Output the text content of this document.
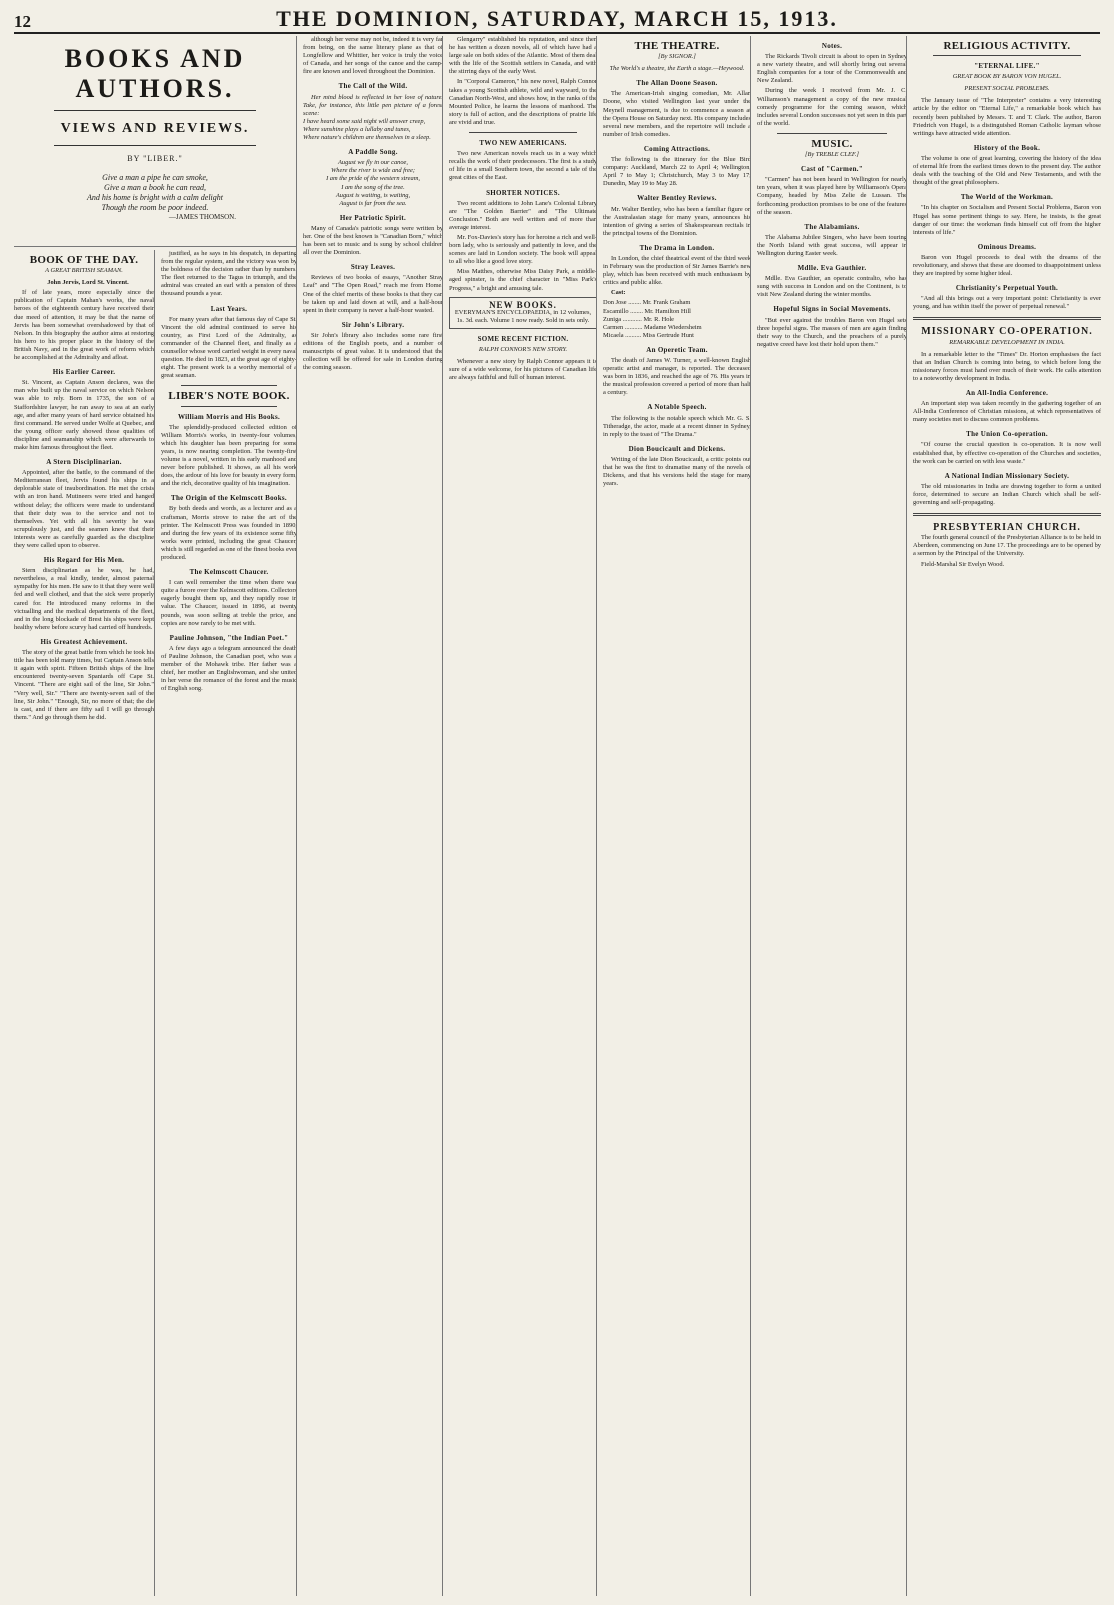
12	THE DOMINION, SATURDAY, MARCH 15, 1913.
BOOKS AND AUTHORS.
VIEWS AND REVIEWS.
BY "LIBER."
Give a man a pipe he can smoke,
Give a man a book he can read,
And his home is bright with a calm delight
Though the room be poor indeed.
—JAMES THOMSON.
BOOK OF THE DAY.
A GREAT BRITISH SEAMAN.

John Jervis, Lord St. Vincent.

If of late years, more especially since the publication of Captain Mahan's works, the naval heroes of the eighteenth century have received their due meed of attention, it may be that the name of Jervis has been somewhat overshadowed by that of Nelson. In this biography the author aims at restoring his hero to his proper place in the history of the British Navy, and in the great work of reform which he accomplished at the Admiralty and afloat.

His Earlier Career.

St. Vincent, as Captain Anson declares, was the man who built up the naval service on which Nelson was able to rely. Born in 1735, the son of a Staffordshire lawyer, he ran away to sea at an early age, and after many years of hard service obtained his first command. He served under Wolfe at Quebec, and the young officer early showed those qualities of discipline and seamanship which were afterwards to make him famous throughout the fleet.

A Stern Disciplinarian.

Appointed, after the battle, to the command of the Mediterranean fleet, Jervis found his ships in a deplorable state of insubordination. He met the crisis with an iron hand. Mutineers were tried and hanged without delay; the officers were made to understand that their duty was to the service and not to themselves. Yet with all his severity he was scrupulously just, and the seamen knew that their interests were as carefully guarded as the discipline they were called upon to observe.

His Regard for His Men.

Stern disciplinarian as he was, he had, nevertheless, a real kindly, tender, almost paternal sympathy for his men. He saw to it that they were well fed and well clothed, and that the sick were properly cared for. He introduced many reforms in the victualling and the medical departments of the fleet, and in the long blockade of Brest his ships were kept healthy where before scurvy had carried off hundreds.

His Greatest Achievement.

The story of the great battle from which he took his title has been told many times, but Captain Anson tells it again with spirit. Fifteen British ships of the line encountered twenty-seven Spaniards off Cape St. Vincent. "There are eight sail of the line, Sir John." "Very well, Sir." "There are twenty-seven sail of the line, Sir John." "Enough, Sir, no more of that; the die is cast, and if there are fifty sail I will go through them." And go through them he did.

justified, as he says in his despatch, in departing from the regular system, and the victory was won by the boldness of the decision rather than by numbers. The fleet returned to the Tagus in triumph, and the admiral was created an earl with a pension of three thousand pounds a year.

Last Years.

For many years after that famous day of Cape St. Vincent the old admiral continued to serve his country, as First Lord of the Admiralty, as commander of the Channel fleet, and finally as a counsellor whose word carried weight in every naval question. He died in 1823, at the great age of eighty-eight. The present work is a worthy memorial of a great seaman.

LIBER'S NOTE BOOK.
William Morris and His Books.

The splendidly-produced collected edition of William Morris's works, in twenty-four volumes, which his daughter has been preparing for some years, is now nearing completion. The twenty-first volume is a novel, written in his early manhood and never before published. It shows, as all his work does, the ardour of his love for beauty in every form, and the rich, decorative quality of his imagination.

The Origin of the Kelmscott Books.

By both deeds and words, as a lecturer and as a craftsman, Morris strove to raise the art of the printer. The Kelmscott Press was founded in 1890, and during the few years of its existence some fifty works were printed, including the great Chaucer, which is still regarded as one of the finest books ever produced.

The Kelmscott Chaucer.

I can well remember the time when there was quite a furore over the Kelmscott editions. Collectors eagerly bought them up, and they rapidly rose in value. The Chaucer, issued in 1896, at twenty pounds, was soon selling at treble the price, and copies are now rarely to be met with.

Pauline Johnson, "the Indian Poet."

A few days ago a telegram announced the death of Pauline Johnson, the Canadian poet, who was a member of the Mohawk tribe. Her father was a chief, her mother an Englishwoman, and she united in her verse the romance of the forest and the music of English song.

although her verse may not be, indeed it is very far from being, on the same literary plane as that of Longfellow and Whittier, her voice is truly the voice of Canada, and her songs of the canoe and the camp-fire are known and loved throughout the Dominion.

The Call of the Wild.

Her mind blood is reflected in her love of nature. Take, for instance, this little pen picture of a forest scene:
I have heard some said night will answer creep,
Where sunshine plays a lullaby and tunes,
Where nature's children are themselves in a sleep.

A Paddle Song.

August we fly in our canoe,
Where the river is wide and free;
I am the pride of the western stream,
I am the song of the tree.
August is waiting, is waiting,
August is far from the sea.

Her Patriotic Spirit.

Many of Canada's patriotic songs were written by her. One of the best known is "Canadian Born," which has been set to music and is sung by school children all over the Dominion.

Stray Leaves.

Reviews of two books of essays, "Another Stray Leaf" and "The Open Road," reach me from Home. One of the chief merits of these books is that they can be taken up and laid down at will, and a half-hour spent in their company is never a half-hour wasted.

Sir John's Library.

Sir John's library also includes some rare first editions of the English poets, and a number of manuscripts of great value. It is understood that the collection will be offered for sale in London during the coming season.

Glengarry" established his reputation, and since then he has written a dozen novels, all of which have had a large sale on both sides of the Atlantic. Most of them deal with the life of the Scottish settlers in Canada, and with the stirring days of the early West.

In "Corporal Cameron," his new novel, Ralph Connor takes a young Scottish athlete, wild and wayward, to the Canadian North-West, and shows how, in the ranks of the Mounted Police, he learns the lessons of manhood. The story is full of action, and the descriptions of prairie life are vivid and true.

TWO NEW AMERICANS.

Two new American novels reach us in a way which recalls the work of their predecessors. The first is a study of life in a small Southern town, the second a tale of the great cities of the East.

SHORTER NOTICES.

Two recent additions to John Lane's Colonial Library are "The Golden Barrier" and "The Ultimate Conclusion." Both are well written and of more than average interest.

Mr. Fox-Davies's story has for heroine a rich and well-born lady, who is seriously and patiently in love, and the scenes are laid in London society. The book will appeal to all who like a good love story.

Miss Matthes, otherwise Miss Daisy Park, a middle-aged spinster, is the chief character in "Miss Park's Progress," a bright and amusing tale.

NEW BOOKS.
EVERYMAN'S ENCYCLOPAEDIA, in 12 volumes, 1s. 3d. each. Volume 1 now ready. Sold in sets only.
SOME RECENT FICTION.
RALPH CONNOR'S NEW STORY.

Whenever a new story by Ralph Connor appears it is sure of a wide welcome, for his pictures of Canadian life are always faithful and full of human interest.

THE THEATRE.
[By SIGNOR.]

The World's a theatre, the Earth a stage.—Heywood.

The Allan Doone Season.

The American-Irish singing comedian, Mr. Allan Doone, who visited Wellington last year under the Meynell management, is due to commence a season at the Opera House on Saturday next. His company includes several new members, and the repertoire will include a number of Irish comedies.

Coming Attractions.

The following is the itinerary for the Blue Bird company: Auckland, March 22 to April 4; Wellington, April 7 to May 1; Christchurch, May 3 to May 17; Dunedin, May 19 to May 28.

Walter Bentley Reviews.

Mr. Walter Bentley, who has been a familiar figure on the Australasian stage for many years, announces his intention of giving a series of Shakespearean recitals in the principal towns of the Dominion.

The Drama in London.

In London, the chief theatrical event of the third week in February was the production of Sir James Barrie's new play, which has been received with much enthusiasm by critics and public alike.

Cast:

Don Jose ........ Mr. Frank Graham
Escamillo ........ Mr. Hamilton Hill
Zuniga ............ Mr. R. Hole
Carmen ........... Madame Wiedersheim
Micaela .......... Miss Gertrude Hunt

An Operetic Team.

The death of James W. Turner, a well-known English operatic artist and manager, is reported. The deceased was born in 1836, and reached the age of 76. His years in the musical profession covered a period of more than half a century.

A Notable Speech.

The following is the notable speech which Mr. G. S. Titheradge, the actor, made at a recent dinner in Sydney, in reply to the toast of "The Drama."

Dion Boucicault and Dickens.

Writing of the late Dion Boucicault, a critic points out that he was the first to dramatise many of the novels of Dickens, and that his versions held the stage for many years.

Notes.

The Rickards Tivoli circuit is about to open in Sydney a new variety theatre, and will shortly bring out several English companies for a tour of the Commonwealth and New Zealand.

During the week I received from Mr. J. C. Williamson's management a copy of the new musical comedy programme for the coming season, which includes several London successes not yet seen in this part of the world.

MUSIC.
[By TREBLE CLEF.]
Cast of "Carmen."

"Carmen" has not been heard in Wellington for nearly ten years, when it was played here by Williamson's Opera Company, headed by Miss Zelie de Lussan. The forthcoming production promises to be one of the features of the season.

The Alabamians.

The Alabama Jubilee Singers, who have been touring the North Island with great success, will appear in Wellington during Easter week.

Mdlle. Eva Gauthier.

Mdlle. Eva Gauthier, an operatic contralto, who has sung with success in London and on the Continent, is to visit New Zealand during the winter months.

Hopeful Signs in Social Movements.

"But ever against the troubles Baron von Hugel sets three hopeful signs. The masses of men are again finding their way to the Church, and the preachers of a purely negative creed have lost their hold upon them."

RELIGIOUS ACTIVITY.
"ETERNAL LIFE."
GREAT BOOK BY BARON VON HUGEL.
PRESENT SOCIAL PROBLEMS.

The January issue of "The Interpreter" contains a very interesting article by the editor on "Eternal Life," a remarkable book which has recently been published by Messrs. T. and T. Clark. The author, Baron Friedrich von Hugel, is a distinguished Roman Catholic layman whose writings have attracted wide attention.

History of the Book.

The volume is one of great learning, covering the history of the idea of eternal life from the earliest times down to the present day. The author deals with the teaching of the Old and New Testaments, and with the thought of the great philosophers.

The World of the Workman.

"In his chapter on Socialism and Present Social Problems, Baron von Hugel has some pertinent things to say. Here, he insists, is the great danger of our time: the workman finds himself cut off from the higher interests of life."

Ominous Dreams.

Baron von Hugel proceeds to deal with the dreams of the revolutionary, and shows that these are doomed to disappointment unless they are inspired by some higher ideal.

Christianity's Perpetual Youth.

"And all this brings out a very important point: Christianity is ever young, and has within itself the power of perpetual renewal."

MISSIONARY CO-OPERATION.
REMARKABLE DEVELOPMENT IN INDIA.

In a remarkable letter to the "Times" Dr. Horton emphasises the fact that an Indian Church is coming into being, to which before long the missionary forces must hand over much of their work. He calls attention to a noteworthy development in India.

An All-India Conference.

An important step was taken recently in the gathering together of an All-India Conference of Christian missions, at which representatives of many societies met to discuss common problems.

The Union Co-operation.

"Of course the crucial question is co-operation. It is now well established that, by effective co-operation of the Churches and societies, the work can be carried on with less waste."

A National Indian Missionary Society.

The old missionaries in India are drawing together to form a united force, determined to secure an Indian Church which shall be self-governing and self-propagating.

PRESBYTERIAN CHURCH.

The fourth general council of the Presbyterian Alliance is to be held in Aberdeen, commencing on June 17. The proceedings are to be opened by a sermon by the Principal of the University.

Field-Marshal Sir Evelyn Wood.
